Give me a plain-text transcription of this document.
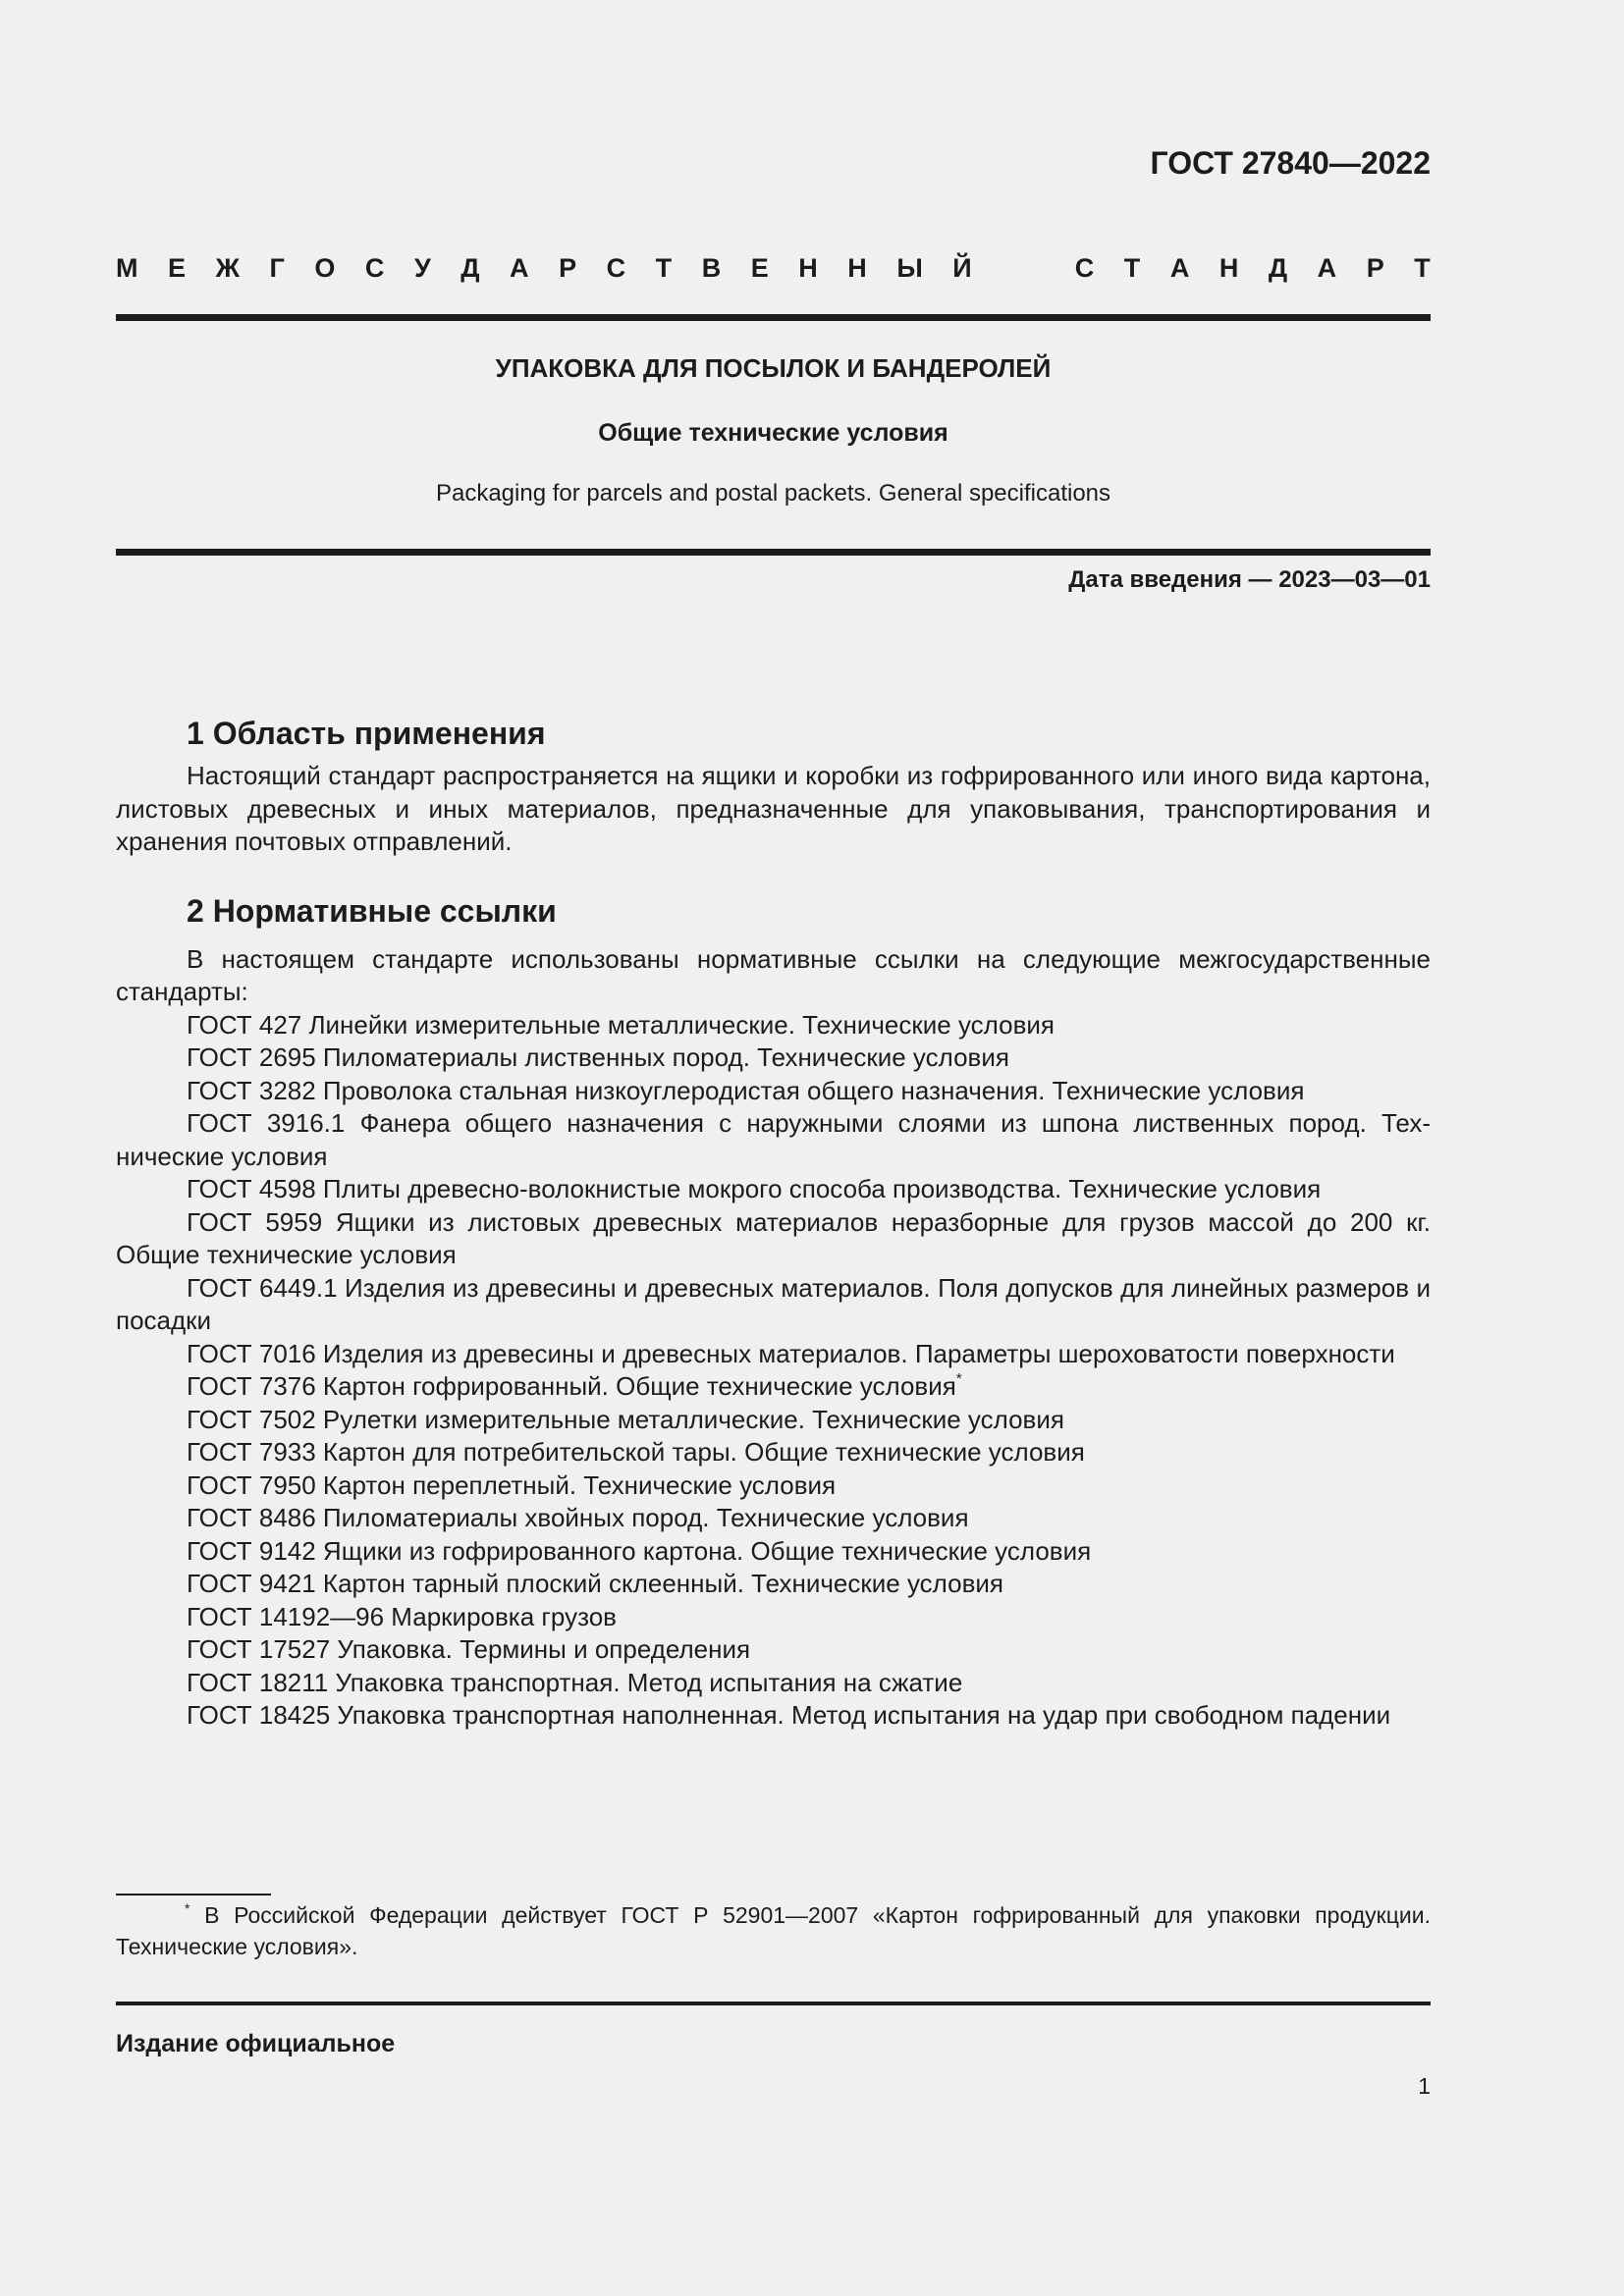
ГОСТ 27840—2022
М Е Ж Г О С У Д А Р С Т В Е Н Н Ы Й	С Т А Н Д А Р Т
УПАКОВКА ДЛЯ ПОСЫЛОК И БАНДЕРОЛЕЙ
Общие технические условия
Packaging for parcels and postal packets. General specifications
Дата введения — 2023—03—01
1 Область применения

Настоящий стандарт распространяется на ящики и коробки из гофрированного или иного вида картона, листовых древесных и иных материалов, предназначенные для упаковывания, транспортирования и хранения почтовых отправлений.

2 Нормативные ссылки

В настоящем стандарте использованы нормативные ссылки на следующие межгосударственные стандарты:

ГОСТ 427 Линейки измерительные металлические. Технические условия

ГОСТ 2695 Пиломатериалы лиственных пород. Технические условия

ГОСТ 3282 Проволока стальная низкоуглеродистая общего назначения. Технические условия

ГОСТ 3916.1 Фанера общего назначения с наружными слоями из шпона лиственных пород. Технические условия

ГОСТ 4598 Плиты древесно-волокнистые мокрого способа производства. Технические условия

ГОСТ 5959 Ящики из листовых древесных материалов неразборные для грузов массой до 200 кг. Общие технические условия

ГОСТ 6449.1 Изделия из древесины и древесных материалов. Поля допусков для линейных размеров и посадки

ГОСТ 7016 Изделия из древесины и древесных материалов. Параметры шероховатости поверхности

ГОСТ 7376 Картон гофрированный. Общие технические условия*

ГОСТ 7502 Рулетки измерительные металлические. Технические условия

ГОСТ 7933 Картон для потребительской тары. Общие технические условия

ГОСТ 7950 Картон переплетный. Технические условия

ГОСТ 8486 Пиломатериалы хвойных пород. Технические условия

ГОСТ 9142 Ящики из гофрированного картона. Общие технические условия

ГОСТ 9421 Картон тарный плоский склеенный. Технические условия

ГОСТ 14192—96 Маркировка грузов

ГОСТ 17527 Упаковка. Термины и определения

ГОСТ 18211 Упаковка транспортная. Метод испытания на сжатие

ГОСТ 18425 Упаковка транспортная наполненная. Метод испытания на удар при свободном падении

* В Российской Федерации действует ГОСТ Р 52901—2007 «Картон гофрированный для упаковки продукции. Технические условия».

Издание официальное
1
